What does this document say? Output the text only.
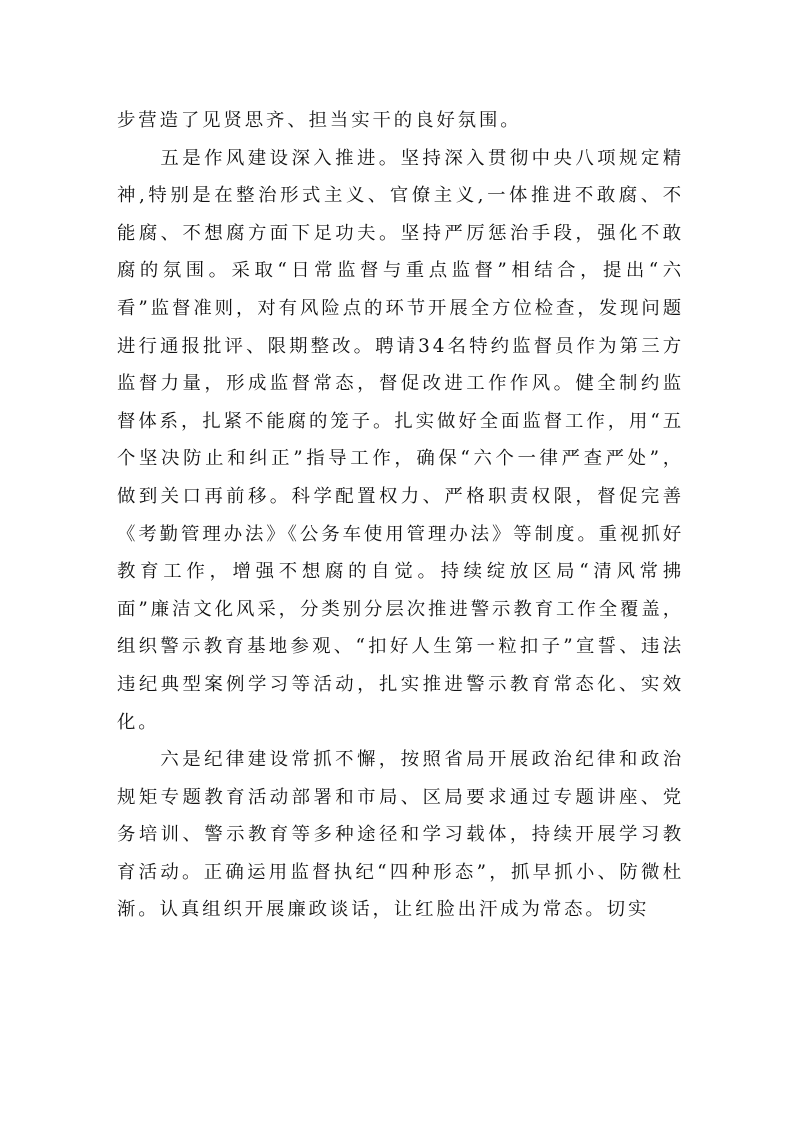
步营造了见贤思齐、担当实干的良好氛围。

五是作风建设深入推进。坚持深入贯彻中央八项规定精神,特别是在整治形式主义、官僚主义,一体推进不敢腐、不能腐、不想腐方面下足功夫。坚持严厉惩治手段，强化不敢腐的氛围。采取“日常监督与重点监督”相结合，提出“六看”监督准则，对有风险点的环节开展全方位检查，发现问题进行通报批评、限期整改。聘请34名特约监督员作为第三方监督力量，形成监督常态，督促改进工作作风。健全制约监督体系，扎紧不能腐的笼子。扎实做好全面监督工作，用“五个坚决防止和纠正”指导工作，确保“六个一律严查严处”，做到关口再前移。科学配置权力、严格职责权限，督促完善《考勤管理办法》《公务车使用管理办法》等制度。重视抓好教育工作，增强不想腐的自觉。持续绽放区局“清风常拂面”廉洁文化风采，分类别分层次推进警示教育工作全覆盖，组织警示教育基地参观、“扣好人生第一粒扣子”宣誓、违法违纪典型案例学习等活动，扎实推进警示教育常态化、实效化。

六是纪律建设常抓不懈，按照省局开展政治纪律和政治规矩专题教育活动部署和市局、区局要求通过专题讲座、党务培训、警示教育等多种途径和学习载体，持续开展学习教育活动。正确运用监督执纪“四种形态”，抓早抓小、防微杜渐。认真组织开展廉政谈话，让红脸出汗成为常态。切实
